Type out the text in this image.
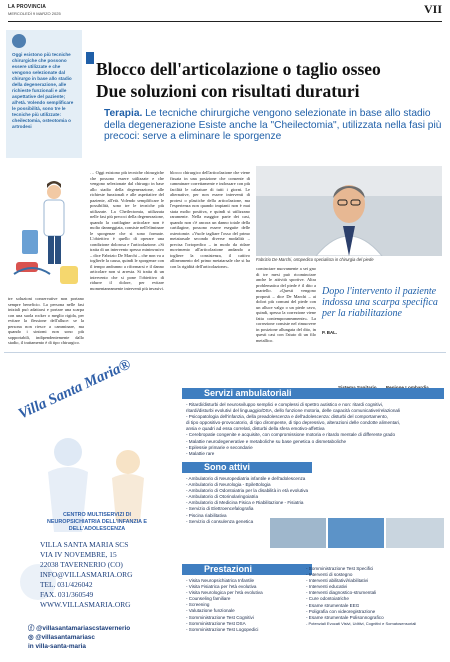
LA PROVINCIA
MERCOLEDÌ 9 MARZO 2025	VII
Oggi esistono più tecniche chirurgiche che possono essere utilizzate e che vengono selezionate dal chirurgo in base allo stadio della degenerazione, alle richieste funzionali e alle aspettative del paziente; all'età. Volendo semplificare le possibilità, sono tre le tecniche più utilizzate: cheilectomia, osteotomia o artrodesi
Blocco dell'articolazione o taglio osseo
Due soluzioni con risultati duraturi
Terapia. Le tecniche chirurgiche vengono selezionate in base allo stadio della degenerazione Esiste anche la "Cheilectomia", utilizzata nella fasi più precoci: serve a eliminare le sporgenze
… Oggi esistono più tecniche chirurgiche che possono essere utilizzate e che vengono selezionate dal chirurgo in base allo stadio della degenerazione, alle richieste funzionali e alle aspettative del paziente, all'età. Volendo semplificare le possibilità, sono tre le tecniche più utilizzate. La Cheilectomia, utilizzata nelle fasi più precoci della degenerazione, quando la cartilagine articolare non è molto danneggiata, consiste nell'eliminare le sporgenze che si sono formate. L'obiettivo è quello di operare una condizione dolorosa e l'articolazione. «Si tratta di un intervento spesso mininvasivo – dice Fabrizio De Marchi – che non va a toglierle la causa, quindi le sporgenze con il tempo andranno a riformarsi e il danno articolare non si arresta. Si tratta di un intervento che si pone l'obiettivo di ridurre il dolore, per evitare momentaneamente interventi più invasivi.
tre soluzioni conservative non portano sempre beneficio. La persona nelle fasi iniziali può adattarsi e portare una scarpa con una suola rocker o meglio rigida, per evitare la flessione dell'alluce: se la persona non riesce a camminare, ma quando i sintomi non sono più sopportabili, indipendentemente dallo stadio, il trattamento è di tipo chirurgico.
blocco chirurgico dell'articolazione che viene fissata in una posizione che consente di camminare correttamente e indossare con più facilità le calzature di tutti i giorni. Le alternative, per non essere interventi di protesi o plastiche della articolazione, ma l'esperienza non quando impianti non è mai stata molto positiva, e quindi si utilizzano raramente. Nella maggior parte dei casi, quando non c'è ancora un danno totale della cartilagine, possono essere eseguite delle osteotomie. «Vuole tagliare l'osso del primo metatarsale secondo diverse modalità – precisa l'ortopedico – in modo da ridare movimento all'articolazione andando a togliere la consistenza, il cattivo allineamento del primo metatarsale che si ha con la rigidità dell'articolazione».
Fabrizio De Marchi, ortopedico specialista in chirurgia del piede
cominciare nuovamente a sei gno di tre mesi può ricominciare anche le attività sportive. Altra problematica del piede è il dito a martello. «Questi vengono proposti – dice De Marchi – ai dolori più comuni del piede con un alluce valgo o un piede cavo, quindi, spesso la correzione viene fatta contemporaneamente». La correzione consiste nel rimuovere in posizione allungata del dito, in questi casi con l'aiuto di un filo metallico.
Dopo l'intervento il paziente indossa una scarpa specifica per la riabilitazione
P. BAL.
Villa Santa Maria®
CENTRO MULTISERVIZI DI NEUROPSICHIATRIA DELL'INFANZIA E DELL'ADOLESCENZA
VILLA SANTA MARIA SCS
VIA IV NOVEMBRE, 15
22038 TAVERNERIO (CO)
INFO@VILLASMARIA.ORG
TEL. 031/426042
FAX. 031/360549
WWW.VILLASMARIA.ORG
ⓕ @villasantamariascstavernerio
◎ @villasantamariasc
in villa-santa-maria
Servizi ambulatoriali
- Ritardi/disturbi del neurosviluppo semplici e complessi di spettro autistico e non: ritardi cognitivi,
ritardi/disturbi evolutivi del linguaggio/DSA, dello funzione motoria, delle capacità comunicative/relazionali
- Psicopatologia dell'infanzia, della preadolescenza e dell'adolescenza: disturbi del comportamento,
di tipo oppositivo-provocatorio, di tipo dirompente, di tipo depressivo, alterazioni delle condotte alimentari,
ansia e quadri ad essa correlati, disturbi della sfera emotivo-affettiva
- Cerebropatie congenite e acquisite, con compromissione motoria e ritardo mentale di differente grado
- Malattie neurodegenerative e metaboliche su base genetica o dismetaboliche
- Epilessie primarie e secondarie
- Malattie rare
Sono attivi
- Ambulatorio di Neuropediatria infantile e dell'adolescenza
- Ambulatorio di Neurologia - Epilettologia
- Ambulatorio di Odontoiatria per la disabilità in età evolutiva
- Ambulatorio di Otorinolaringoiatria
- Ambulatorio di Medicina Fisica e Riabilitazione - Fisiatria
- Servizio di Elettroencefalografia
- Piscina riabilitativa
- Servizio di consulenza genetica
Prestazioni
- Visita Neuropsichiatrica Infantile
- Visita Fisiatrica per l'età evolutiva
- Visita Neurologica per l'età evolutiva
- Counseling familiare
- Screening
- Valutazione funzionale
- Somministrazione Test Cognitivi
- Somministrazione Test DSA
- Somministrazione Test Logopedici
- Somministrazione Test Specifici
- Interventi di sostegno
- Interventi abilitativi/riabilitativi
- Interventi educativi
- Interventi diagnostico-strumentali
- Cure odontoiatriche
- Esame strumentale EEG
- Poligrafia con videoregistrazione
- Esame strumentale Polisonnografico
- Potenziali Evocati Visivi, Uditivi, Cognitivi e Somatosensoriali
